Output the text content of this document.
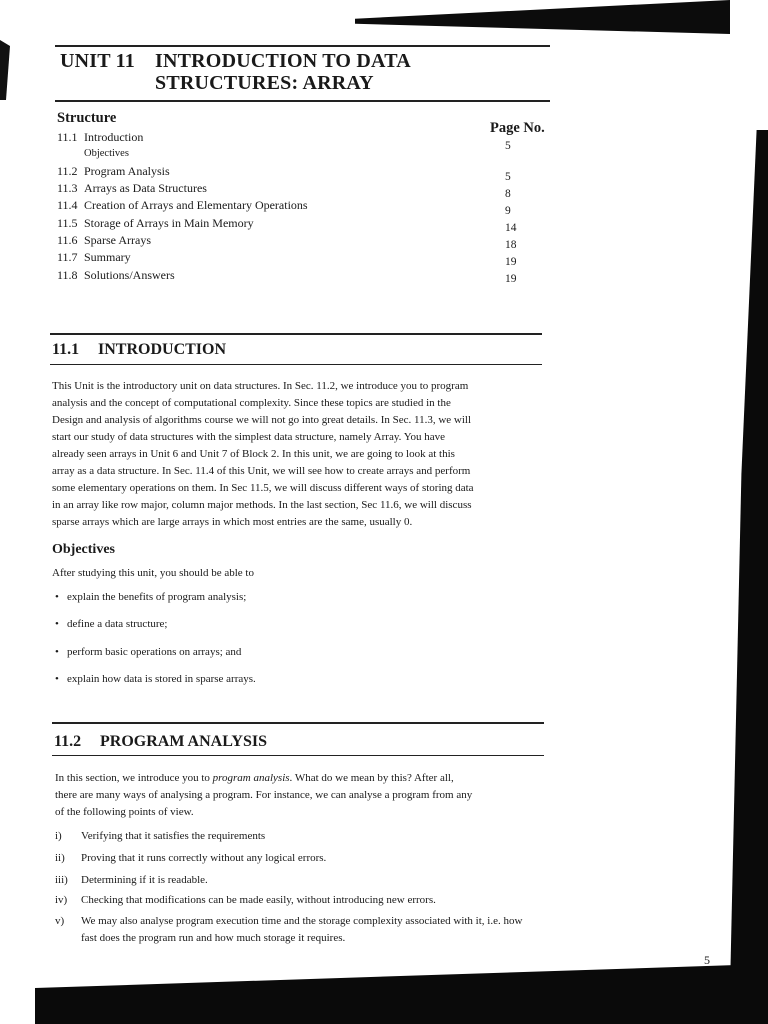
UNIT 11 INTRODUCTION TO DATA
STRUCTURES: ARRAY
Structure
Page No.
11.1 Introduction
Objectives
11.2 Program Analysis
11.3 Arrays as Data Structures
11.4 Creation of Arrays and Elementary Operations
11.5 Storage of Arrays in Main Memory
11.6 Sparse Arrays
11.7 Summary
11.8 Solutions/Answers
5
5
8
9
14
18
19
19
11.1 INTRODUCTION
This Unit is the introductory unit on data structures. In Sec. 11.2, we introduce you to program
analysis and the concept of computational complexity. Since these topics are studied in the
Design and analysis of algorithms course we will not go into great details. In Sec. 11.3, we will
start our study of data structures with the simplest data structure, namely Array. You have
already seen arrays in Unit 6 and Unit 7 of Block 2. In this unit, we are going to look at this
array as a data structure. In Sec. 11.4 of this Unit, we will see how to create arrays and perform
some elementary operations on them. In Sec 11.5, we will discuss different ways of storing data
in an array like row major, column major methods. In the last section, Sec 11.6, we will discuss
sparse arrays which are large arrays in which most entries are the same, usually 0.
Objectives
After studying this unit, you should be able to
• explain the benefits of program analysis;
• define a data structure;
• perform basic operations on arrays; and
• explain how data is stored in sparse arrays.
11.2 PROGRAM ANALYSIS
In this section, we introduce you to program analysis. What do we mean by this? After all,
there are many ways of analysing a program. For instance, we can analyse a program from any
of the following points of view.
i) Verifying that it satisfies the requirements
ii) Proving that it runs correctly without any logical errors.
iii) Determining if it is readable.
iv) Checking that modifications can be made easily, without introducing new errors.
v) We may also analyse program execution time and the storage complexity associated with it, i.e. how fast does the program run and how much storage it requires.
5
